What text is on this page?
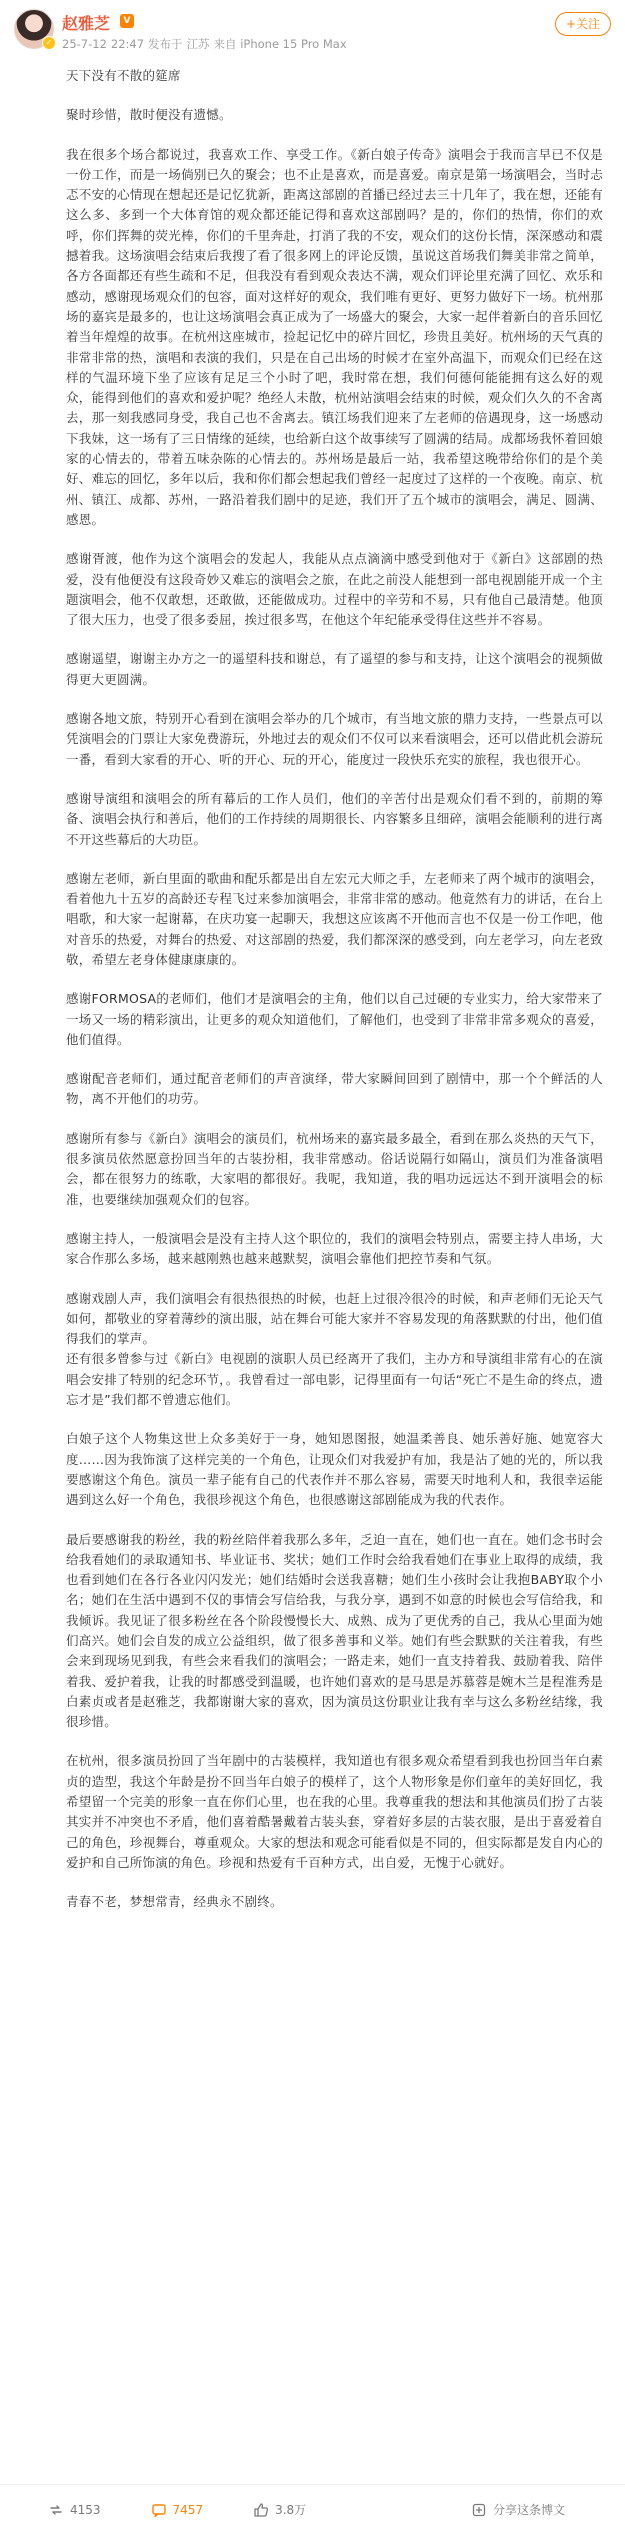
✓
赵雅芝	V
25-7-12 22:47 发布于 江苏 来自 iPhone 15 Pro Max
+关注

天下没有不散的筵席

聚时珍惜，散时便没有遗憾。

我在很多个场合都说过，我喜欢工作、享受工作。《新白娘子传奇》演唱会于我而言早已不仅是一份工作，而是一场倘别已久的聚会；也不止是喜欢，而是喜爱。南京是第一场演唱会，当时忐忑不安的心情现在想起还是记忆犹新，距离这部剧的首播已经过去三十几年了，我在想，还能有这么多、多到一个大体育馆的观众都还能记得和喜欢这部剧吗？是的，你们的热情，你们的欢呼，你们挥舞的荧光棒，你们的千里奔赴，打消了我的不安，观众们的这份长情，深深感动和震撼着我。这场演唱会结束后我搜了看了很多网上的评论反馈，虽说这首场我们舞美非常之简单，各方各面都还有些生疏和不足，但我没有看到观众表达不满，观众们评论里充满了回忆、欢乐和感动，感谢现场观众们的包容，面对这样好的观众，我们唯有更好、更努力做好下一场。杭州那场的嘉宾是最多的，也让这场演唱会真正成为了一场盛大的聚会，大家一起伴着新白的音乐回忆着当年煌煌的故事。在杭州这座城市，捡起记忆中的碎片回忆，珍贵且美好。杭州场的天气真的非常非常的热，演唱和表演的我们，只是在自己出场的时候才在室外高温下，而观众们已经在这样的气温环境下坐了应该有足足三个小时了吧，我时常在想，我们何德何能能拥有这么好的观众，能得到他们的喜欢和爱护呢？绝经人未散，杭州站演唱会结束的时候，观众们久久的不舍离去，那一刻我感同身受，我自己也不舍离去。镇江场我们迎来了左老师的倍遇现身，这一场感动下我妹，这一场有了三日情缘的延续，也给新白这个故事续写了圆满的结局。成都场我怀着回娘家的心情去的，带着五味杂陈的心情去的。苏州场是最后一站，我希望这晚带给你们的是个美好、难忘的回忆，多年以后，我和你们都会想起我们曾经一起度过了这样的一个夜晚。南京、杭州、镇江、成都、苏州，一路沿着我们剧中的足迹，我们开了五个城市的演唱会，满足、圆满、感恩。

感谢胥渡，他作为这个演唱会的发起人，我能从点点滴滴中感受到他对于《新白》这部剧的热爱，没有他便没有这段奇妙又难忘的演唱会之旅，在此之前没人能想到一部电视剧能开成一个主题演唱会，他不仅敢想，还敢做，还能做成功。过程中的辛劳和不易，只有他自己最清楚。他顶了很大压力，也受了很多委屈，挨过很多骂，在他这个年纪能承受得住这些并不容易。

感谢遥望，谢谢主办方之一的遥望科技和谢总，有了遥望的参与和支持，让这个演唱会的视频做得更大更圆满。

感谢各地文旅，特别开心看到在演唱会举办的几个城市，有当地文旅的鼎力支持，一些景点可以凭演唱会的门票让大家免费游玩，外地过去的观众们不仅可以来看演唱会，还可以借此机会游玩一番，看到大家看的开心、听的开心、玩的开心，能度过一段快乐充实的旅程，我也很开心。

感谢导演组和演唱会的所有幕后的工作人员们，他们的辛苦付出是观众们看不到的，前期的筹备、演唱会执行和善后，他们的工作持续的周期很长、内容繁多且细碎，演唱会能顺利的进行离不开这些幕后的大功臣。

感谢左老师，新白里面的歌曲和配乐都是出自左宏元大师之手，左老师来了两个城市的演唱会，看着他九十五岁的高龄还专程飞过来参加演唱会，非常非常的感动。他竟然有力的讲话，在台上唱歌，和大家一起谢幕，在庆功宴一起聊天，我想这应该离不开他而言也不仅是一份工作吧，他对音乐的热爱，对舞台的热爱、对这部剧的热爱，我们都深深的感受到，向左老学习，向左老致敬，希望左老身体健康康康的。

感谢FORMOSA的老师们，他们才是演唱会的主角，他们以自己过硬的专业实力，给大家带来了一场又一场的精彩演出，让更多的观众知道他们，了解他们，也受到了非常非常多观众的喜爱，他们值得。

感谢配音老师们，通过配音老师们的声音演绎，带大家瞬间回到了剧情中，那一个个鲜活的人物，离不开他们的功劳。

感谢所有参与《新白》演唱会的演员们，杭州场来的嘉宾最多最全，看到在那么炎热的天气下，很多演员依然愿意扮回当年的古装扮相，我非常感动。俗话说隔行如隔山，演员们为准备演唱会，都在很努力的练歌，大家唱的都很好。我呢，我知道，我的唱功远远达不到开演唱会的标准，也要继续加强观众们的包容。

感谢主持人，一般演唱会是没有主持人这个职位的，我们的演唱会特别点，需要主持人串场，大家合作那么多场，越来越刚熟也越来越默契，演唱会靠他们把控节奏和气氛。

感谢戏剧人声，我们演唱会有很热很热的时候，也赶上过很冷很冷的时候，和声老师们无论天气如何，都敬业的穿着薄纱的演出服，站在舞台可能大家并不容易发现的角落默默的付出，他们值得我们的掌声。

还有很多曾参与过《新白》电视剧的演职人员已经离开了我们，主办方和导演组非常有心的在演唱会安排了特别的纪念环节，。我曾看过一部电影，记得里面有一句话“死亡不是生命的终点，遗忘才是”我们都不曾遗忘他们。

白娘子这个人物集这世上众多美好于一身，她知恩图报，她温柔善良、她乐善好施、她宽容大度……因为我饰演了这样完美的一个角色，让现众们对我爱护有加，我是沾了她的光的，所以我要感谢这个角色。演员一辈子能有自己的代表作并不那么容易，需要天时地利人和，我很幸运能遇到这么好一个角色，我很珍视这个角色，也很感谢这部剧能成为我的代表作。

最后要感谢我的粉丝，我的粉丝陪伴着我那么多年，乏迫一直在，她们也一直在。她们念书时会给我看她们的录取通知书、毕业证书、奖状；她们工作时会给我看她们在事业上取得的成绩，我也看到她们在各行各业闪闪发光；她们结婚时会送我喜糖；她们生小孩时会让我抱BABY取个小名；她们在生活中遇到不仅的事情会写信给我，与我分享，遇到不如意的时候也会写信给我，和我倾诉。我见证了很多粉丝在各个阶段慢慢长大、成熟、成为了更优秀的自己，我从心里面为她们高兴。她们会自发的成立公益组织，做了很多善事和义举。她们有些会默默的关注着我，有些会来到现场见到我，有些会来看我们的演唱会；一路走来，她们一直支持着我、鼓励着我、陪伴着我、爱护着我，让我的时都感受到温暖，也许她们喜欢的是马思是苏慕蓉是婉木兰是程淮秀是白素贞或者是赵雅芝，我都谢谢大家的喜欢，因为演员这份职业让我有幸与这么多粉丝结缘，我很珍惜。

在杭州，很多演员扮回了当年剧中的古装模样，我知道也有很多观众希望看到我也扮回当年白素贞的造型，我这个年龄是扮不回当年白娘子的模样了，这个人物形象是你们童年的美好回忆，我希望留一个完美的形象一直在你们心里，也在我的心里。我尊重我的想法和其他演员们扮了古装其实并不冲突也不矛盾，他们喜着酷暑戴着古装头套，穿着好多层的古装衣服，是出于喜爱着自己的角色，珍视舞台，尊重观众。大家的想法和观念可能看似是不同的，但实际都是发自内心的爱护和自己所饰演的角色。珍视和热爱有千百种方式，出自爱，无愧于心就好。

青春不老，梦想常青，经典永不剧终。

4153	7457	3.8万	分享这条博文
